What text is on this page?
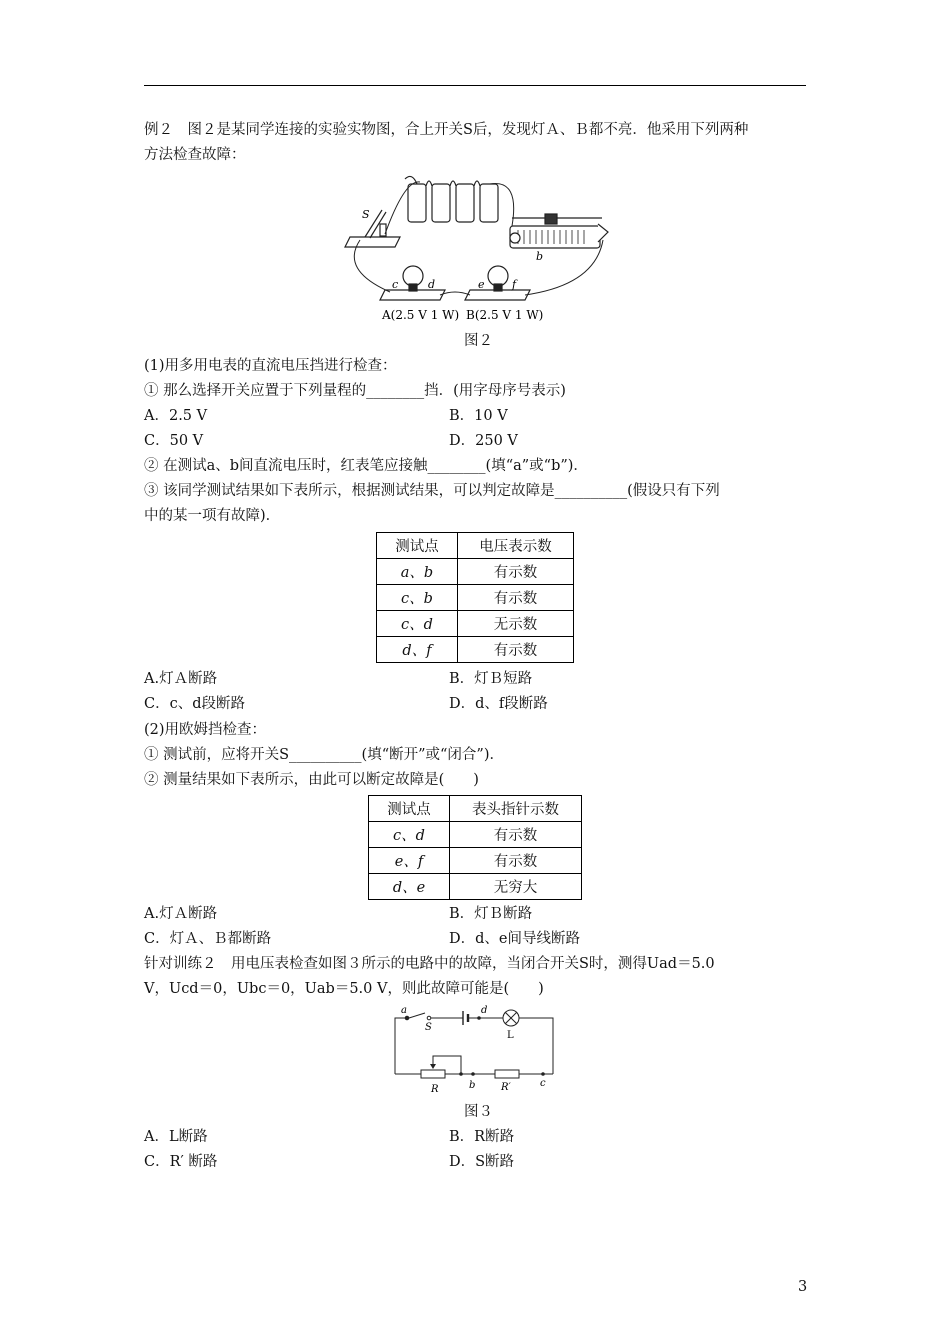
例２　图２是某同学连接的实验实物图，合上开关S后，发现灯Ａ、Ｂ都不亮．他采用下列两种
方法检查故障：
S
b
c	d	e f
A(2.5 V 1 W) B(2.5 V 1 W)
图２
(1)用多用电表的直流电压挡进行检查：
① 那么选择开关应置于下列量程的________挡．(用字母序号表示)
A．2.5 V	B．10 V
C．50 V	D．250 V
② 在测试a、b间直流电压时，红表笔应接触________(填“a”或“b”)．
③ 该同学测试结果如下表所示，根据测试结果，可以判定故障是__________(假设只有下列
中的某一项有故障)．
测试点	电压表示数
a、b	有示数
c、b	有示数
c、d	无示数
d、f	有示数
A.灯Ａ断路	B．灯Ｂ短路
C．c、d段断路	D．d、f段断路
(2)用欧姆挡检查：
① 测试前，应将开关S__________(填“断开”或“闭合”)．
② 测量结果如下表所示，由此可以断定故障是(　　)
测试点	表头指针示数
c、d	有示数
e、f	有示数
d、e	无穷大
A.灯Ａ断路	B．灯Ｂ断路
C．灯Ａ、Ｂ都断路	D．d、e间导线断路
针对训练２　用电压表检查如图３所示的电路中的故障，当闭合开关S时，测得Uad＝5.0
V，Ucd＝0，Ubc＝0，Uab＝5.0 V，则此故障可能是(　　)
a
S
d
L
R	b	R′	c
图３
A．L断路	B．R断路
C．R′ 断路	D．S断路
3
